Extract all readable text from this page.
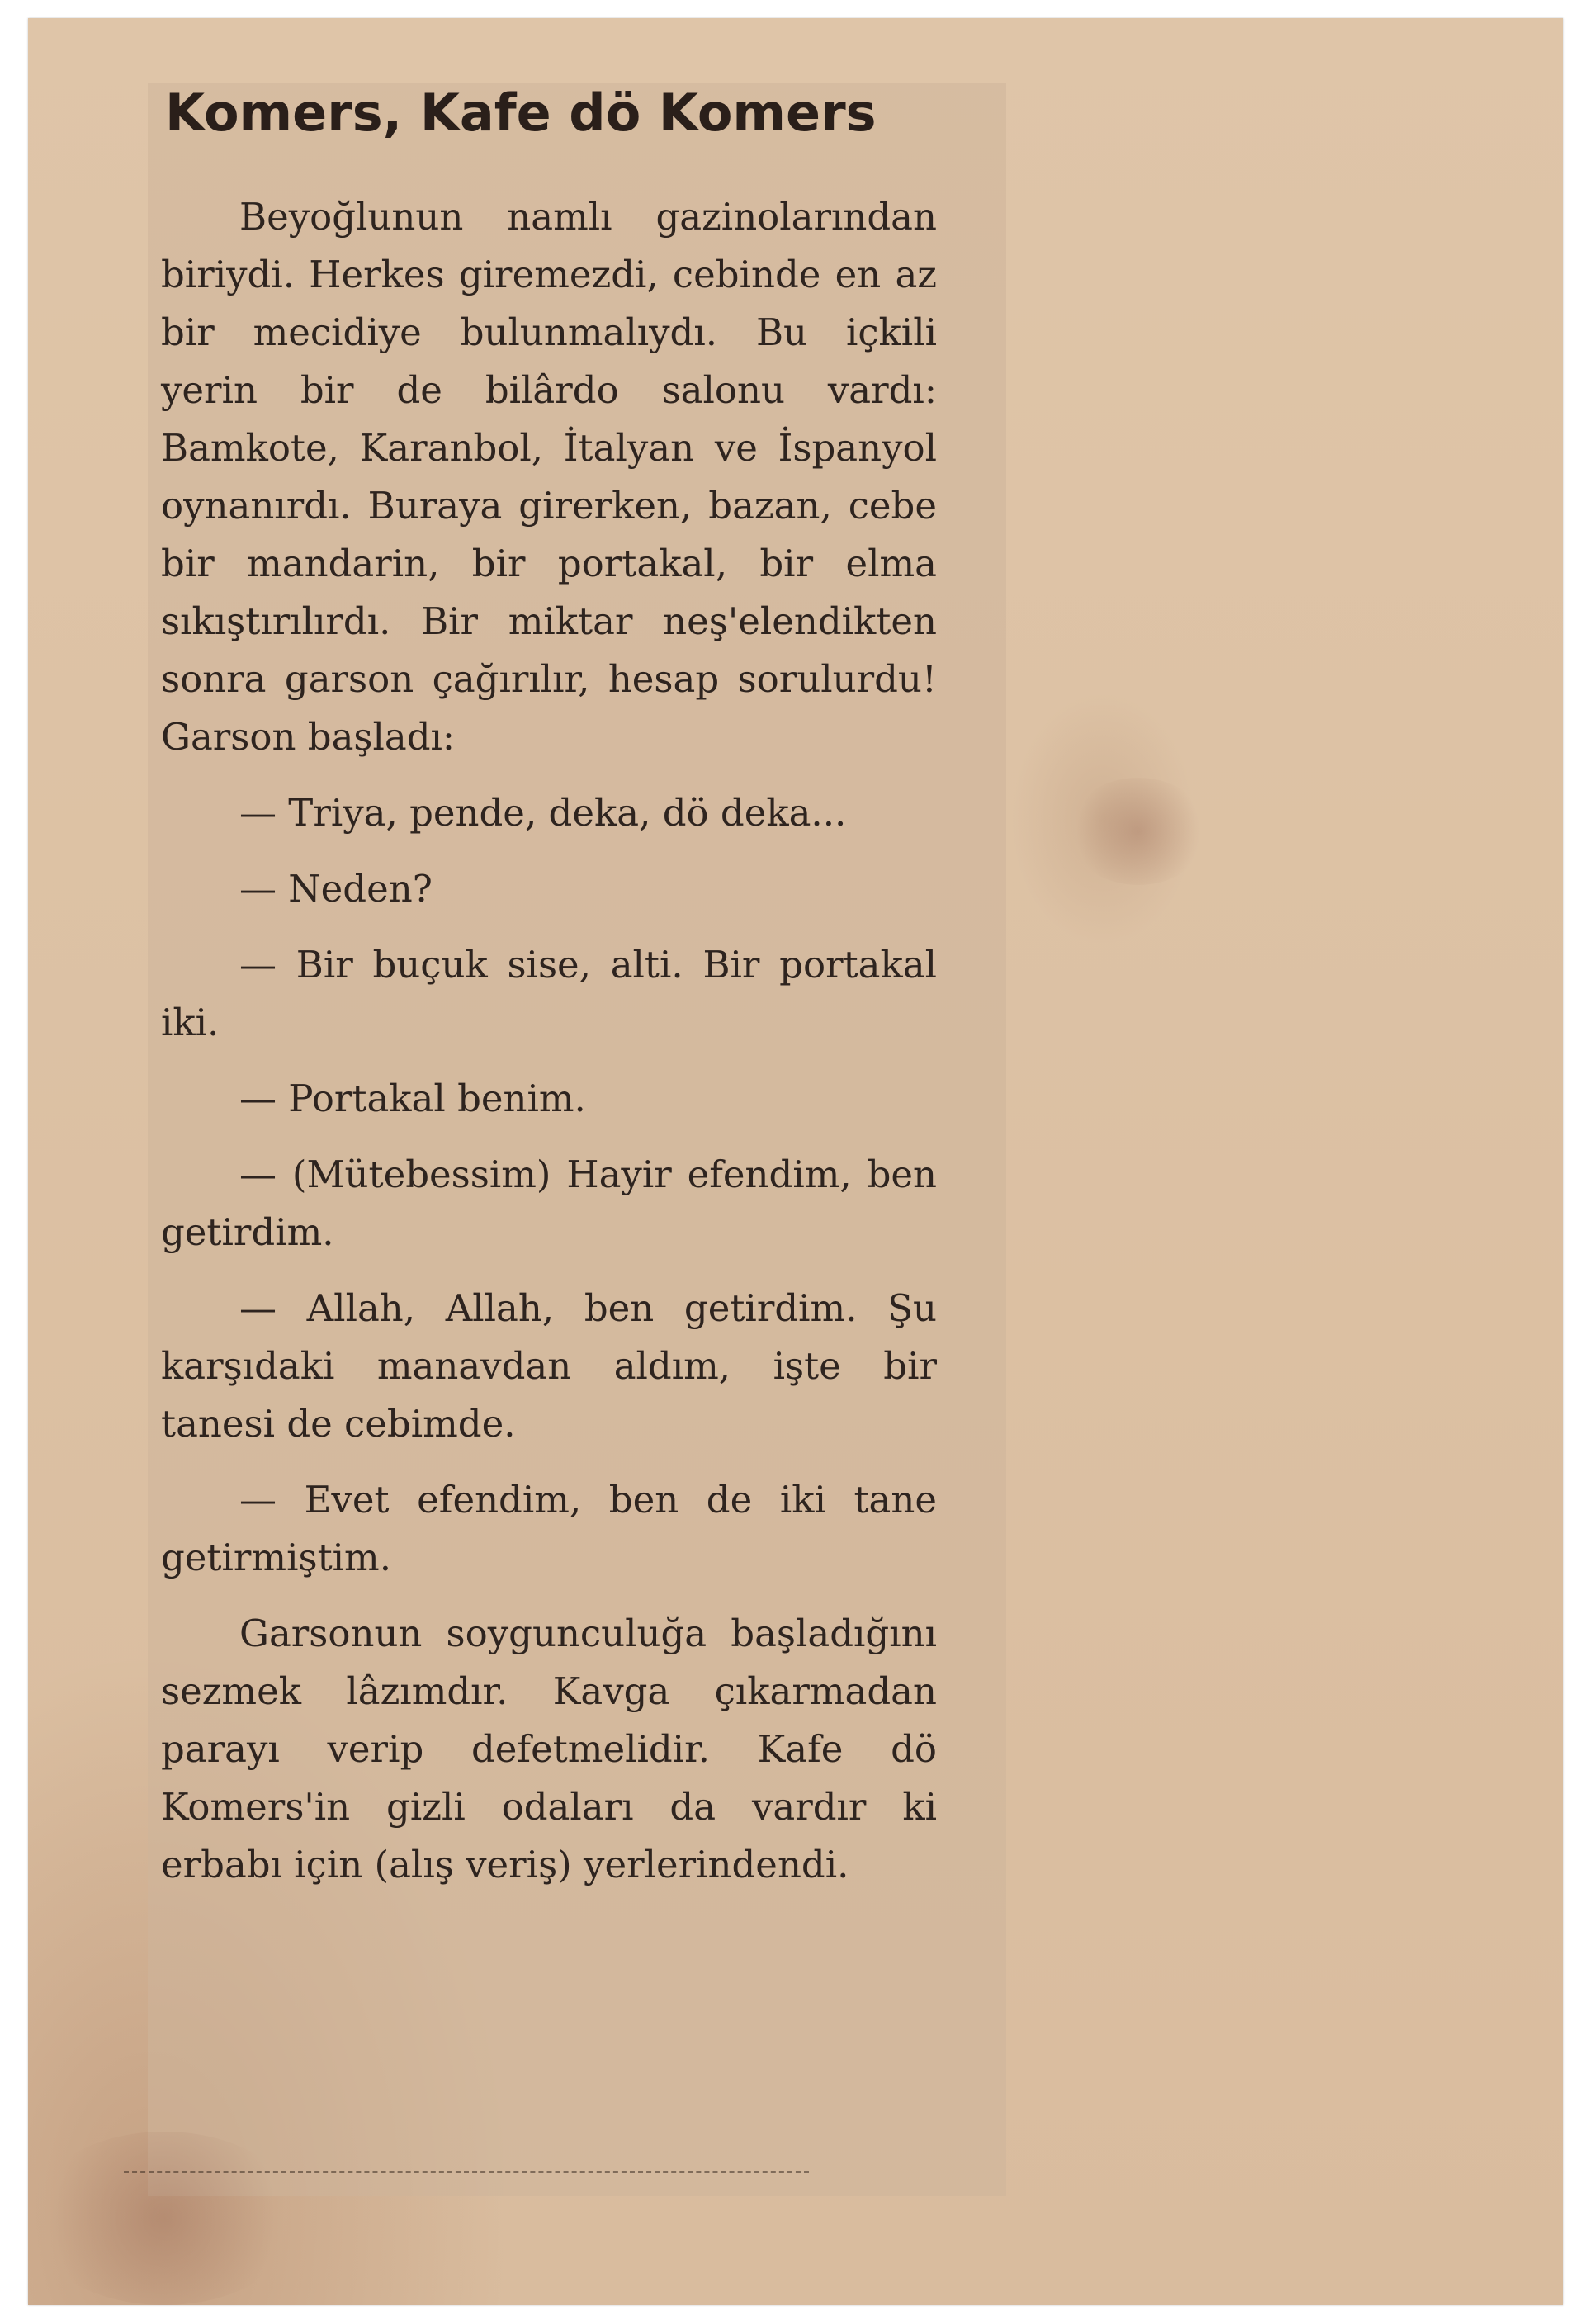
Komers, Kafe dö Komers

Beyoğlunun namlı gazinolarından biriydi. Herkes giremezdi, cebinde en az bir mecidiye bulunmalıydı. Bu içkili yerin bir de bilârdo salonu vardı: Bamkote, Karanbol, İtalyan ve İspanyol oynanırdı. Buraya girerken, bazan, cebe bir mandarin, bir portakal, bir elma sıkıştırılırdı. Bir miktar neş'elendikten sonra garson çağırılır, hesap sorulurdu! Garson başladı:

— Triya, pende, deka, dö deka...

— Neden?

— Bir buçuk sise, alti. Bir portakal iki.

— Portakal benim.

— (Mütebessim) Hayir efendim, ben getirdim.

— Allah, Allah, ben getirdim. Şu karşıdaki manavdan aldım, işte bir tanesi de cebimde.

— Evet efendim, ben de iki tane getirmiştim.

Garsonun soygunculuğa başladığını sezmek lâzımdır. Kavga çıkarmadan parayı verip defetmelidir. Kafe dö Komers'in gizli odaları da vardır ki erbabı için (alış veriş) yerlerindendi.
